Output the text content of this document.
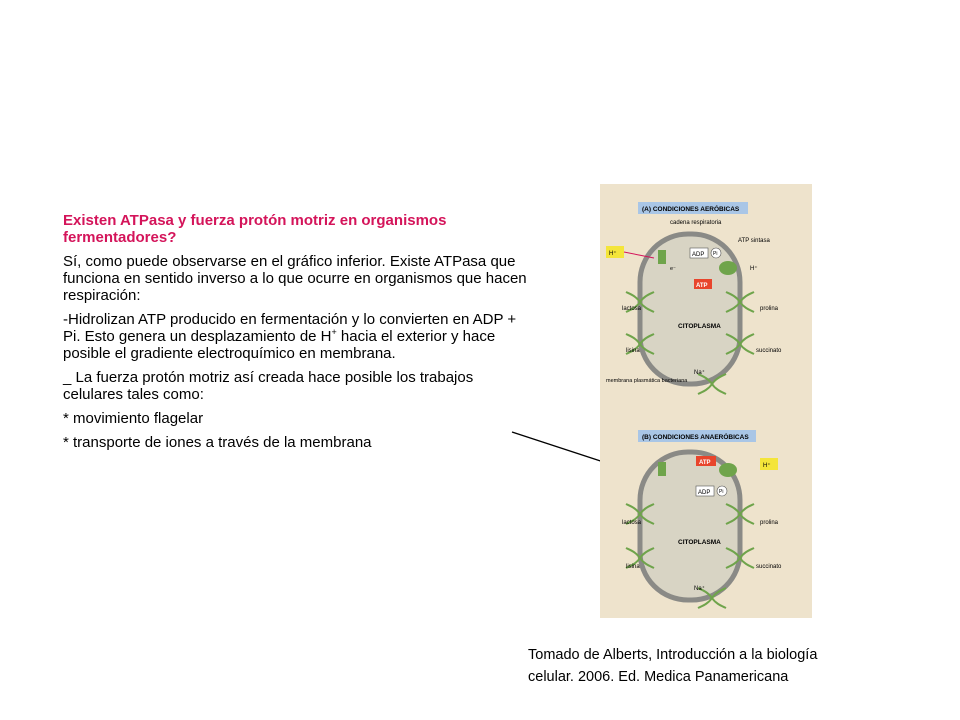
Existen ATPasa y fuerza protón motriz en organismos fermentadores?

Sí, como puede observarse en el gráfico inferior. Existe ATPasa que funciona en sentido inverso a lo que ocurre en organismos que hacen respiración:

-Hidrolizan ATP producido en fermentación y lo convierten en ADP + Pi. Esto genera un desplazamiento de H+ hacia el exterior y hace posible el gradiente electroquímico en membrana.

_ La fuerza protón motriz así creada hace posible los trabajos celulares tales como:

* movimiento flagelar

* transporte de iones a través de la membrana

(A) CONDICIONES AERÓBICAS
cadena respiratoria
ATP sintasa
H⁺	ADP Pi
H⁺
e⁻
ATP
CITOPLASMA
lactosa	prolina
lisina	succinato
Na⁺
membrana plasmática bacteriana
(B) CONDICIONES ANAERÓBICAS
ATP	H⁺
ADP Pi
CITOPLASMA
lactosa	prolina
lisina	succinato
Na⁺
Tomado de Alberts, Introducción a la biología
celular. 2006. Ed. Medica Panamericana
